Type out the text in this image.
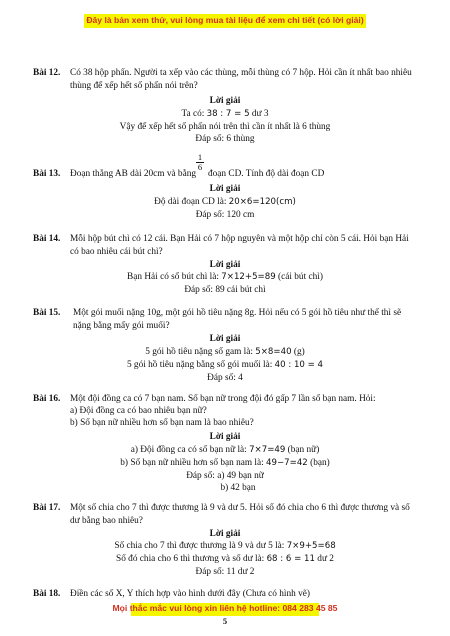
Đây là bản xem thử, vui lòng mua tài liệu để xem chi tiết (có lời giải)
Bài 12. Có 38 hộp phấn. Người ta xếp vào các thùng, mỗi thùng có 7 hộp. Hỏi cần ít nhất bao nhiêu thùng để xếp hết số phấn nói trên?
Lời giải
Ta có: 38 : 7 = 5 dư 3
Vậy để xếp hết số phấn nói trên thì cần ít nhất là 6 thùng
Đáp số: 6 thùng
Bài 13. Đoạn thẳng AB dài 20cm và bằng đoạn CD. Tính độ dài đoạn CD
1
6
Lời giải
Độ dài đoạn CD là: 20×6=120(cm)
Đáp số: 120 cm
Bài 14. Mỗi hộp bút chì có 12 cái. Bạn Hải có 7 hộp nguyên và một hộp chỉ còn 5 cái. Hỏi bạn Hải có bao nhiêu cái bút chì?
Lời giải
Bạn Hải có số bút chì là: 7×12+5=89 (cái bút chì)
Đáp số: 89 cái bút chì
Bài 15. Một gói muối nặng 10g, một gói hồ tiêu nặng 8g. Hỏi nếu có 5 gói hồ tiêu như thế thì sẽ nặng bằng mấy gói muối?
Lời giải
5 gói hồ tiêu nặng số gam là: 5×8=40 (g)
5 gói hồ tiêu nặng bằng số gói muối là: 40 : 10 = 4
Đáp số: 4
Bài 16. Một đội đồng ca có 7 bạn nam. Số bạn nữ trong đội đó gấp 7 lần số bạn nam. Hỏi:
a) Đội đồng ca có bao nhiêu bạn nữ?
b) Số bạn nữ nhiều hơn số bạn nam là bao nhiêu?
Lời giải
a) Đội đồng ca có số bạn nữ là: 7×7=49 (bạn nữ)
b) Số bạn nữ nhiều hơn số bạn nam là: 49−7=42 (bạn)
Đáp số: a) 49 bạn nữ
b) 42 bạn
Bài 17. Một số chia cho 7 thì được thương là 9 và dư 5. Hỏi số đó chia cho 6 thì được thương và số dư bằng bao nhiêu?
Lời giải
Số chia cho 7 thì được thương là 9 và dư 5 là: 7×9+5=68
Số đó chia cho 6 thì thương và số dư là: 68 : 6 = 11 dư 2
Đáp số: 11 dư 2
Bài 18. Điền các số X, Y thích hợp vào hình dưới đây (Chưa có hình vẽ)
Mọi thắc mắc vui lòng xin liên hệ hotline: 084 283 45 85
5
